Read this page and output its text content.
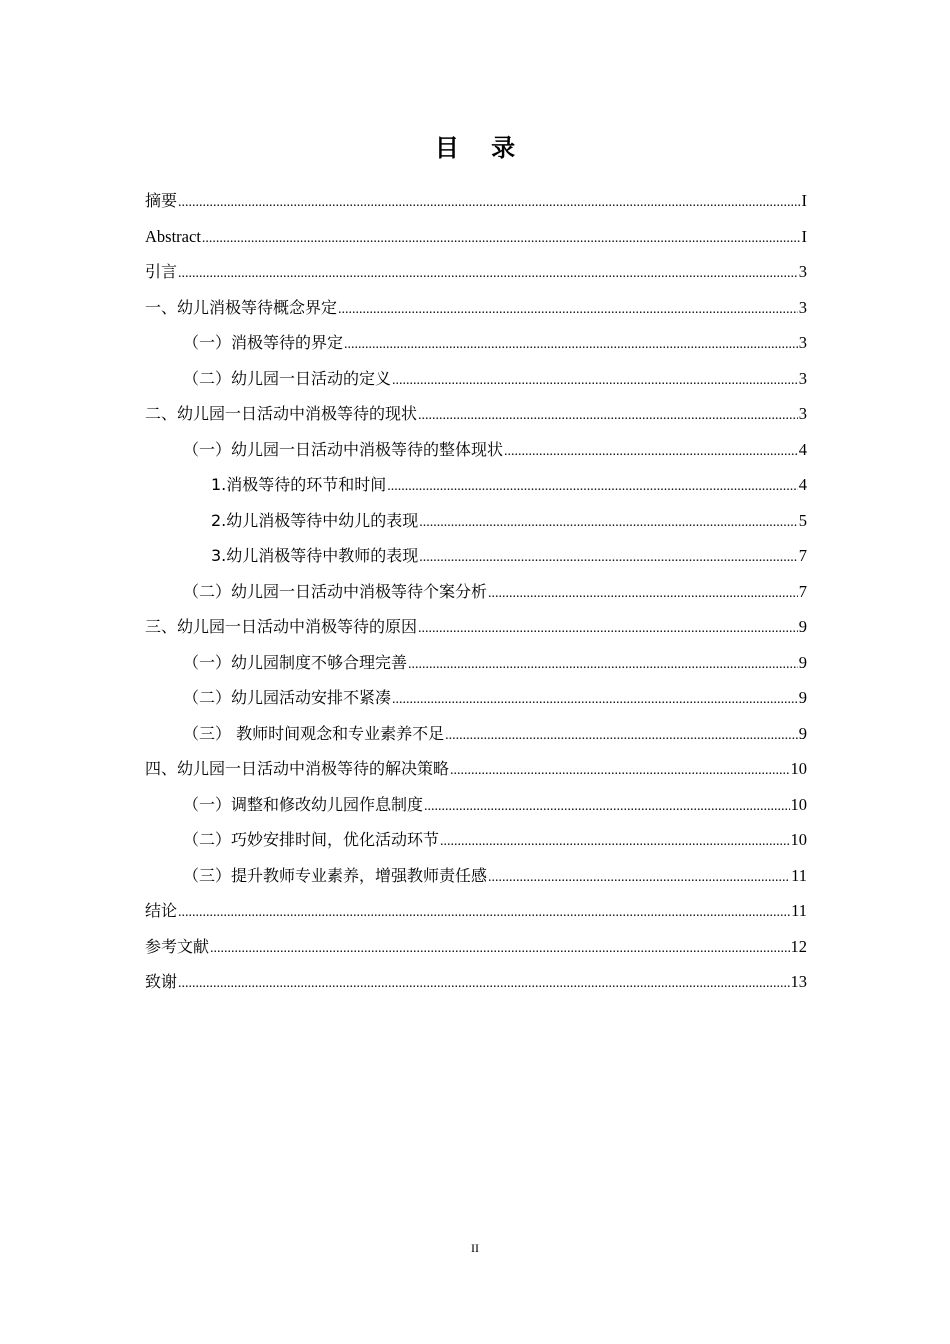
目 录
摘要 .....	I
Abstract .....	I
引言 .....	3
一、幼儿消极等待概念界定 .....	3
（一）消极等待的界定 .....	3
（二）幼儿园一日活动的定义 .....	3
二、幼儿园一日活动中消极等待的现状 .....	3
（一）幼儿园一日活动中消极等待的整体现状 .....	4
1.消极等待的环节和时间 .....	4
2.幼儿消极等待中幼儿的表现 .....	5
3.幼儿消极等待中教师的表现 .....	7
（二）幼儿园一日活动中消极等待个案分析 .....	7
三、幼儿园一日活动中消极等待的原因 .....	9
（一）幼儿园制度不够合理完善 .....	9
（二）幼儿园活动安排不紧凑 .....	9
（三） 教师时间观念和专业素养不足 .....	9
四、幼儿园一日活动中消极等待的解决策略 .....	10
（一）调整和修改幼儿园作息制度 .....	10
（二）巧妙安排时间，优化活动环节 .....	10
（三）提升教师专业素养，增强教师责任感 .....	11
结论 .....	11
参考文献 .....	12
致谢 .....	13
II
